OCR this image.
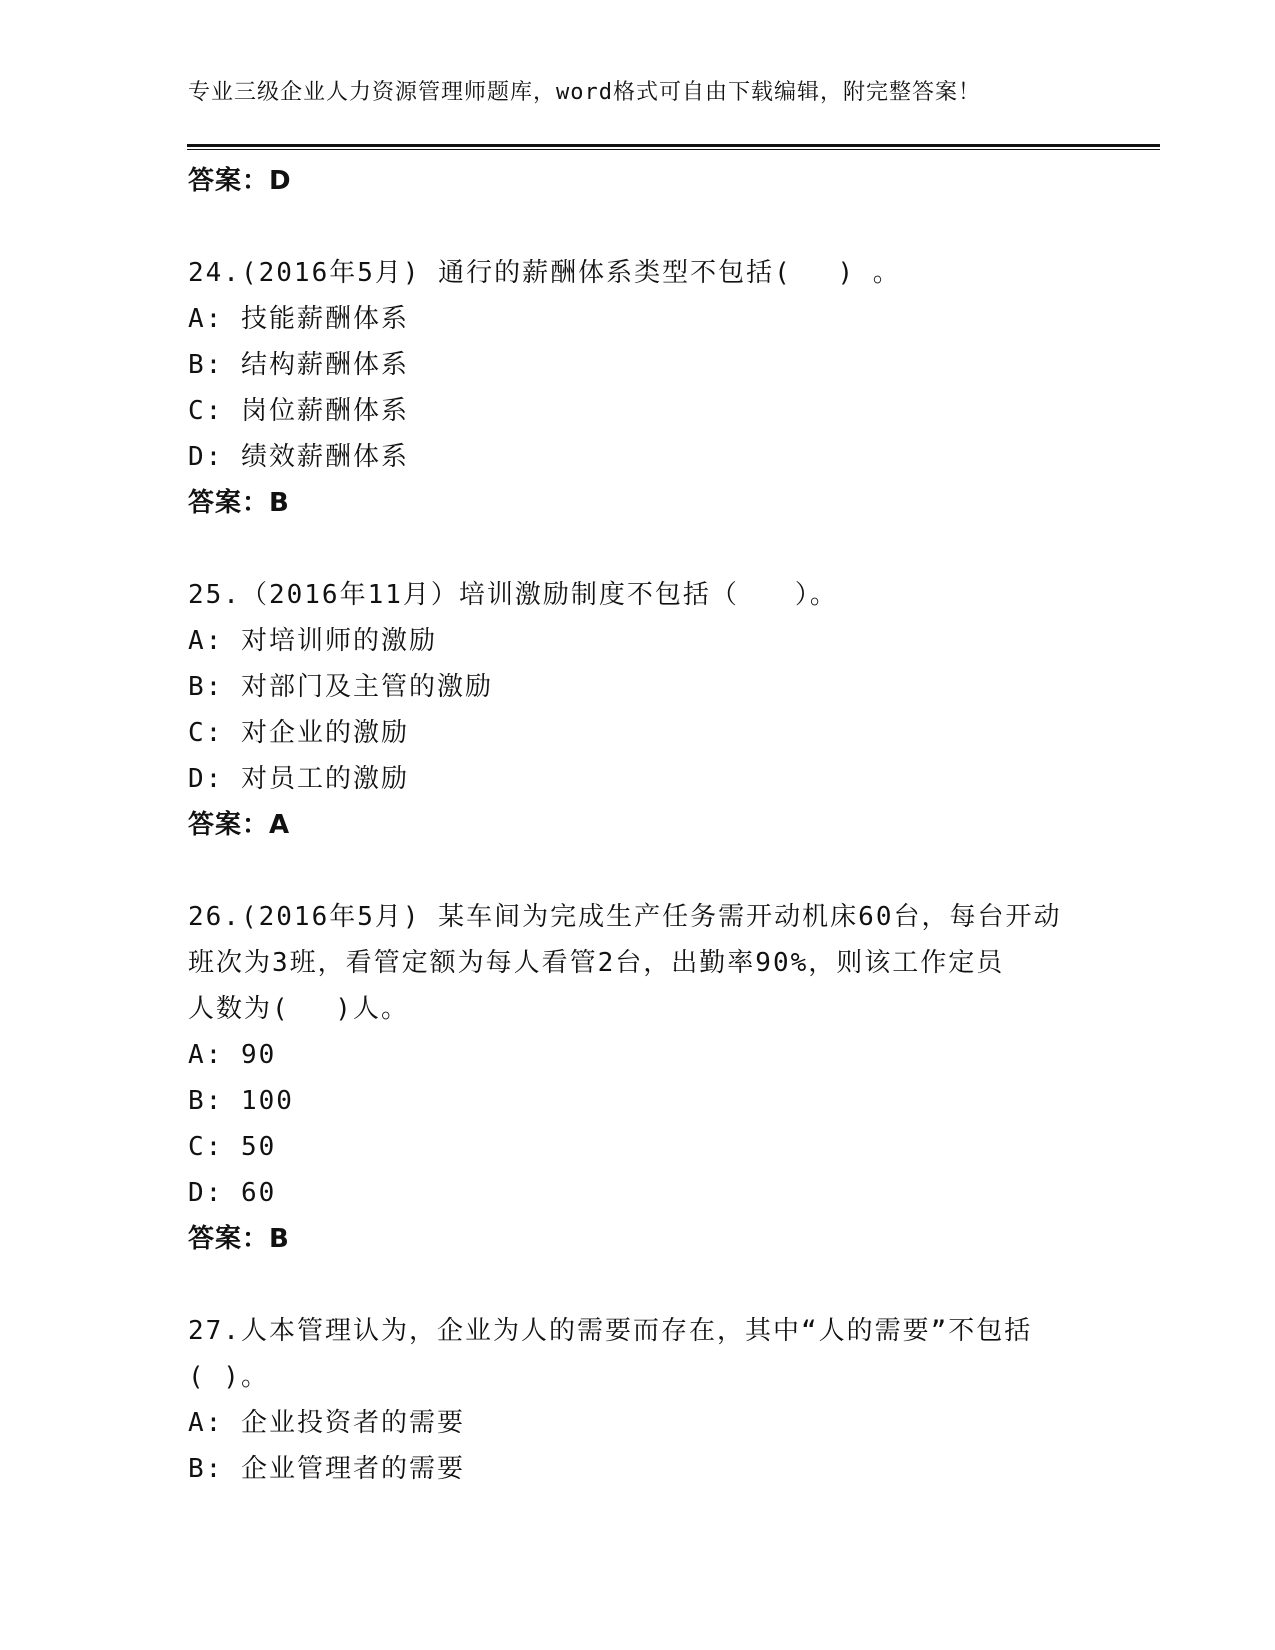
专业三级企业人力资源管理师题库，word格式可自由下载编辑，附完整答案！
答案：D
24.(2016年5月) 通行的薪酬体系类型不包括(　 ) 。
A: 技能薪酬体系
B: 结构薪酬体系
C: 岗位薪酬体系
D: 绩效薪酬体系
答案：B
25.（2016年11月）培训激励制度不包括（　　）。
A: 对培训师的激励
B: 对部门及主管的激励
C: 对企业的激励
D: 对员工的激励
答案：A
26.(2016年5月) 某车间为完成生产任务需开动机床60台，每台开动
班次为3班，看管定额为每人看管2台，出勤率90%，则该工作定员
人数为(　 )人。
A: 90
B: 100
C: 50
D: 60
答案：B
27.人本管理认为，企业为人的需要而存在，其中“人的需要”不包括
( )。
A: 企业投资者的需要
B: 企业管理者的需要
